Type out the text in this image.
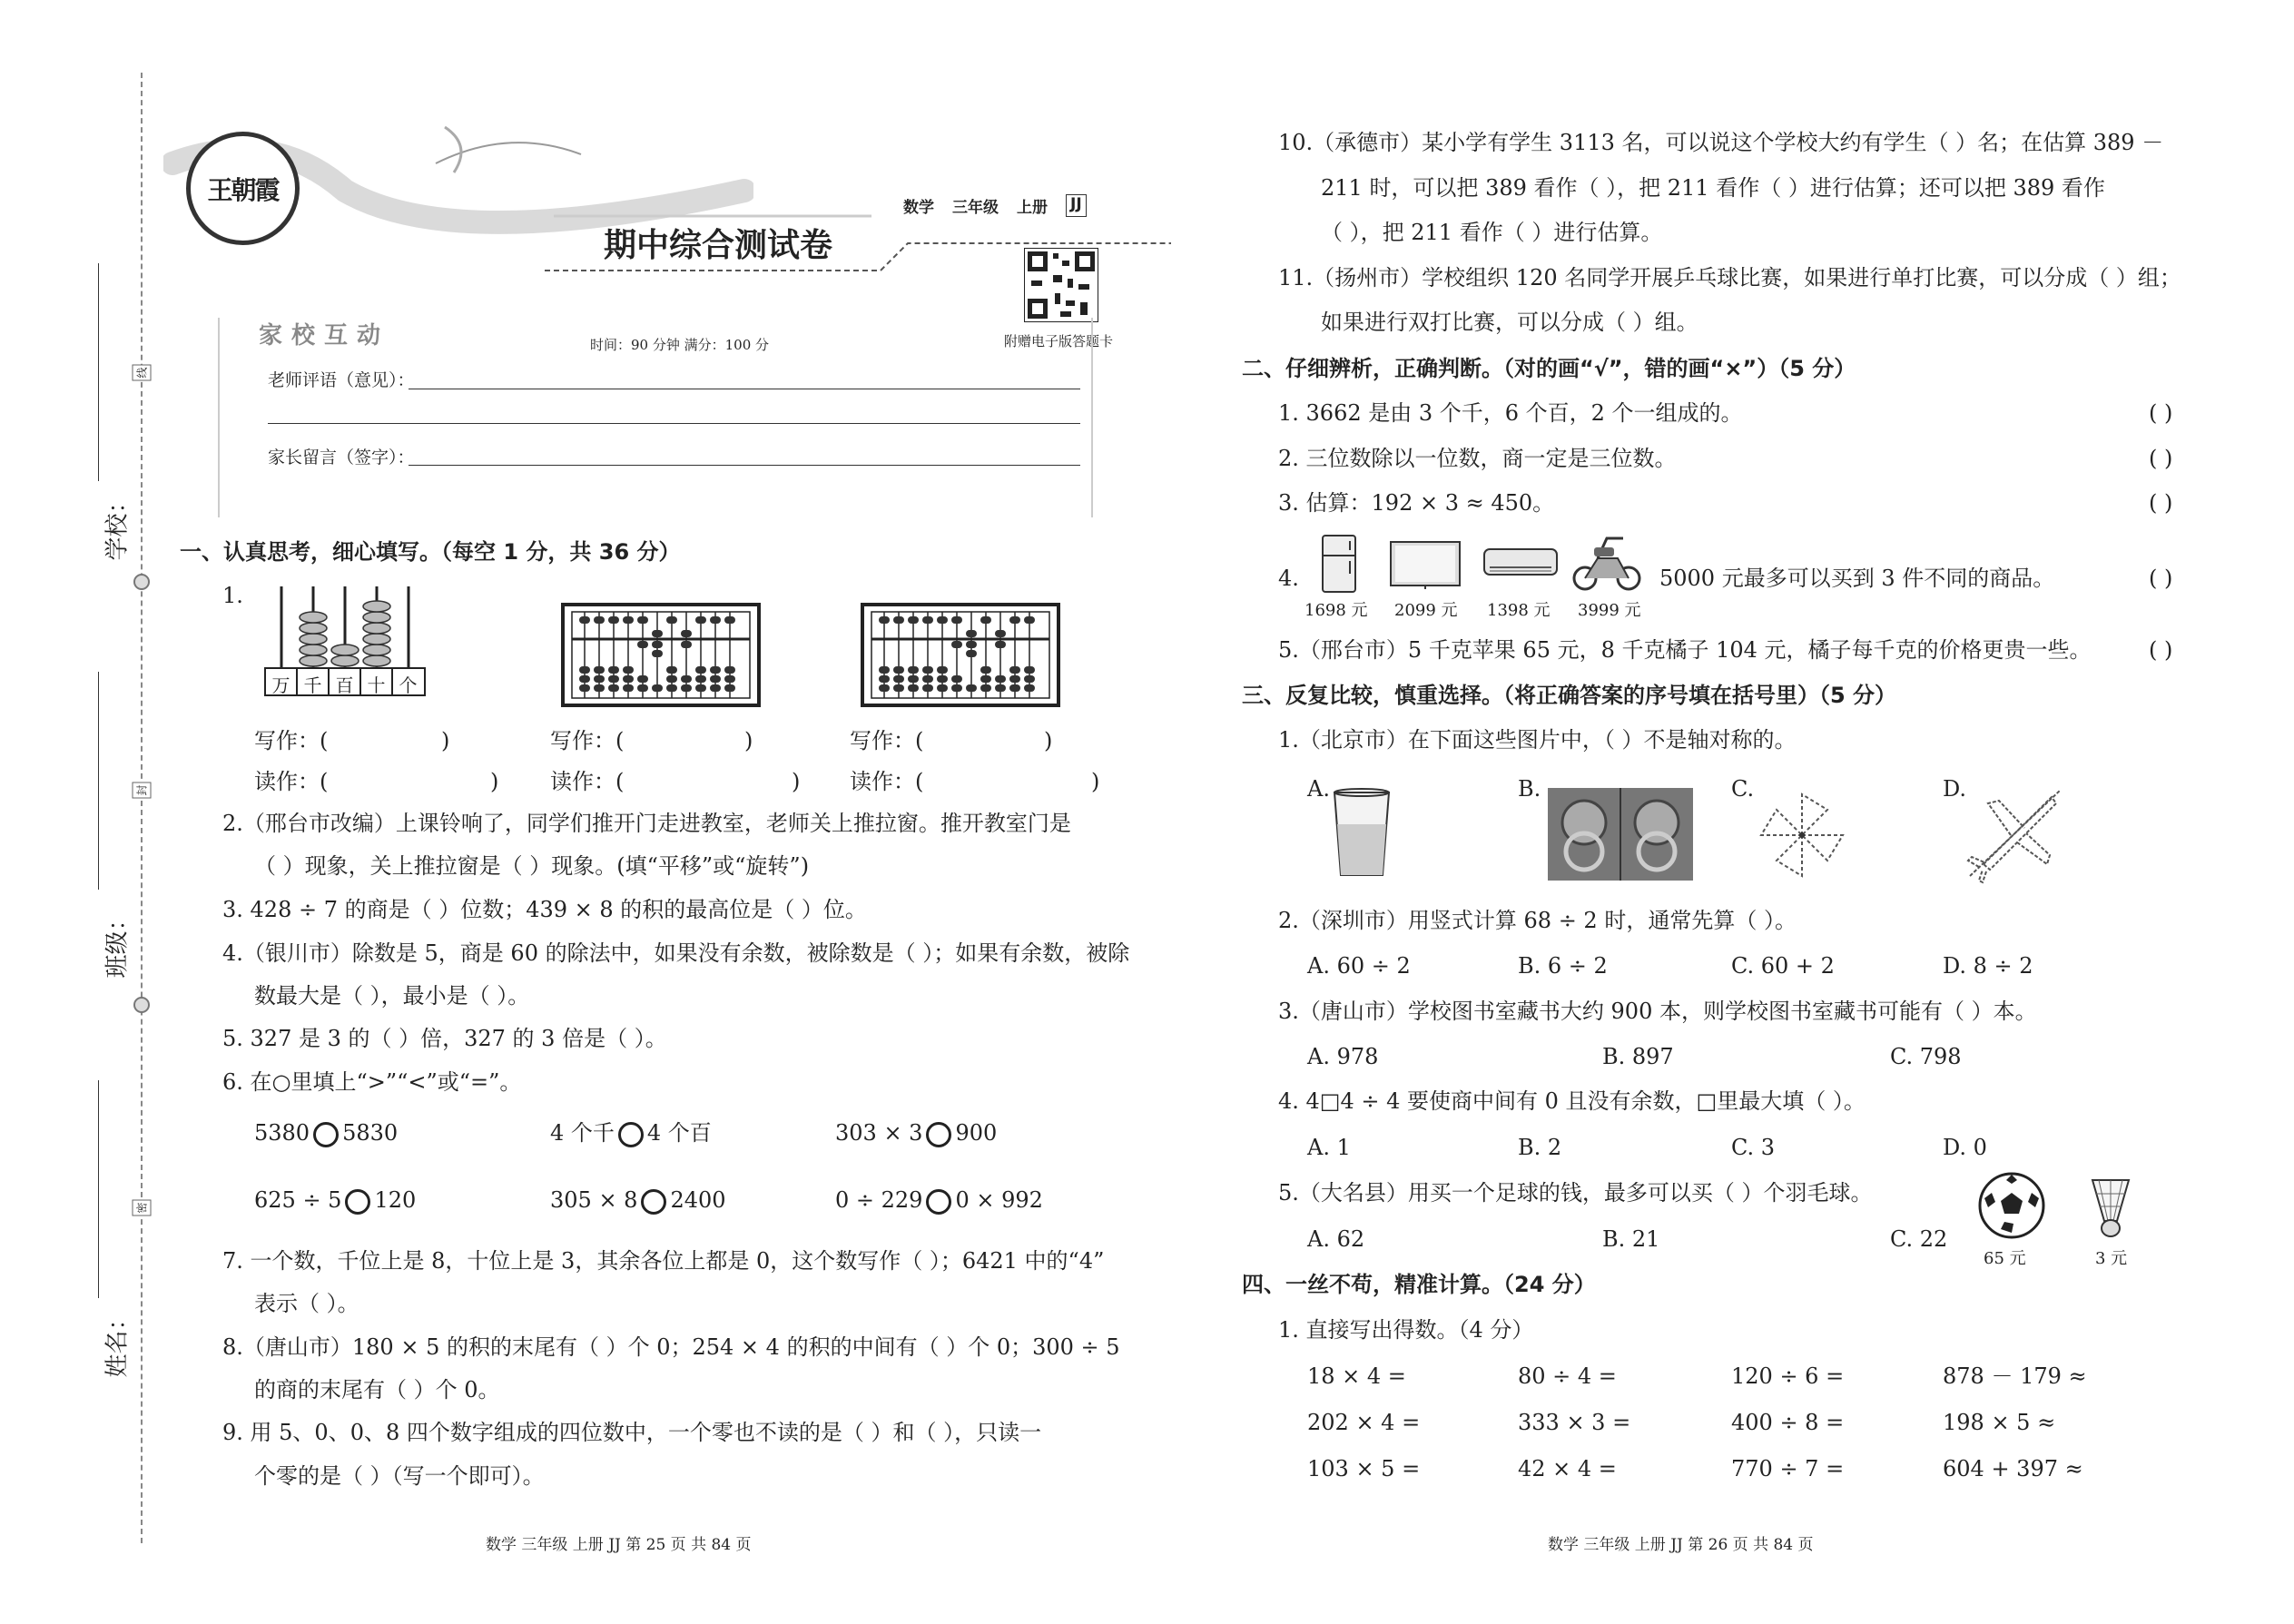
学校：
班级：
姓名：
线
封
密
王朝霞
期中综合测试卷
数学 三年级 上册 JJ
附赠电子版答题卡
时间：90 分钟 满分：100 分
家校互动
老师评语（意见）：
家长留言（签字）：
一、认真思考，细心填写。（每空 1 分，共 36 分）
1.
万 千 百 十 个
写作：(	)
读作：(	)
写作：(	)
读作：(	)
写作：(	)
读作：(	)
2.（邢台市改编）上课铃响了，同学们推开门走进教室，老师关上推拉窗。推开教室门是
（ ）现象，关上推拉窗是（ ）现象。(填“平移”或“旋转”)
3. 428 ÷ 7 的商是（ ）位数；439 × 8 的积的最高位是（ ）位。
4.（银川市）除数是 5，商是 60 的除法中，如果没有余数，被除数是（ ）；如果有余数，被除
数最大是（ ），最小是（ ）。
5. 327 是 3 的（ ）倍，327 的 3 倍是（ ）。
6. 在○里填上“>”“<”或“=”。
5380 5830	4 个千 4 个百	303 × 3 900
625 ÷ 5 120	305 × 8 2400	0 ÷ 229 0 × 992
7. 一个数，千位上是 8，十位上是 3，其余各位上都是 0，这个数写作（ ）；6421 中的“4”
表示（ ）。
8.（唐山市）180 × 5 的积的末尾有（ ）个 0；254 × 4 的积的中间有（ ）个 0；300 ÷ 5
的商的末尾有（ ）个 0。
9. 用 5、0、0、8 四个数字组成的四位数中，一个零也不读的是（ ）和（ ），只读一
个零的是（ ）（写一个即可）。
数学 三年级 上册 JJ 第 25 页 共 84 页
10.（承德市）某小学有学生 3113 名，可以说这个学校大约有学生（ ）名；在估算 389 －
211 时，可以把 389 看作（ ），把 211 看作（ ）进行估算；还可以把 389 看作
（ ），把 211 看作（ ）进行估算。
11.（扬州市）学校组织 120 名同学开展乒乓球比赛，如果进行单打比赛，可以分成（ ）组；
如果进行双打比赛，可以分成（ ）组。
二、仔细辨析，正确判断。（对的画“√”，错的画“×”）（5 分）
1. 3662 是由 3 个千，6 个百，2 个一组成的。	( )
2. 三位数除以一位数，商一定是三位数。	( )
3. 估算：192 × 3 ≈ 450。	( )
4.
1698 元 2099 元 1398 元 3999 元
5000 元最多可以买到 3 件不同的商品。	( )
5.（邢台市）5 千克苹果 65 元，8 千克橘子 104 元，橘子每千克的价格更贵一些。	( )
三、反复比较，慎重选择。（将正确答案的序号填在括号里）（5 分）
1.（北京市）在下面这些图片中，（ ）不是轴对称的。
A.	B.	C.	D.
2.（深圳市）用竖式计算 68 ÷ 2 时，通常先算（ ）。
A. 60 ÷ 2	B. 6 ÷ 2	C. 60 + 2	D. 8 ÷ 2
3.（唐山市）学校图书室藏书大约 900 本，则学校图书室藏书可能有（ ）本。
A. 978	B. 897	C. 798
4. 4□4 ÷ 4 要使商中间有 0 且没有余数，□里最大填（ ）。
A. 1	B. 2	C. 3	D. 0
5.（大名县）用买一个足球的钱，最多可以买（ ）个羽毛球。
A. 62	B. 21	C. 22
65 元	3 元
四、一丝不苟，精准计算。（24 分）
1. 直接写出得数。（4 分）
18 × 4 =	80 ÷ 4 =	120 ÷ 6 =	878 － 179 ≈
202 × 4 =	333 × 3 =	400 ÷ 8 =	198 × 5 ≈
103 × 5 =	42 × 4 =	770 ÷ 7 =	604 + 397 ≈
数学 三年级 上册 JJ 第 26 页 共 84 页
